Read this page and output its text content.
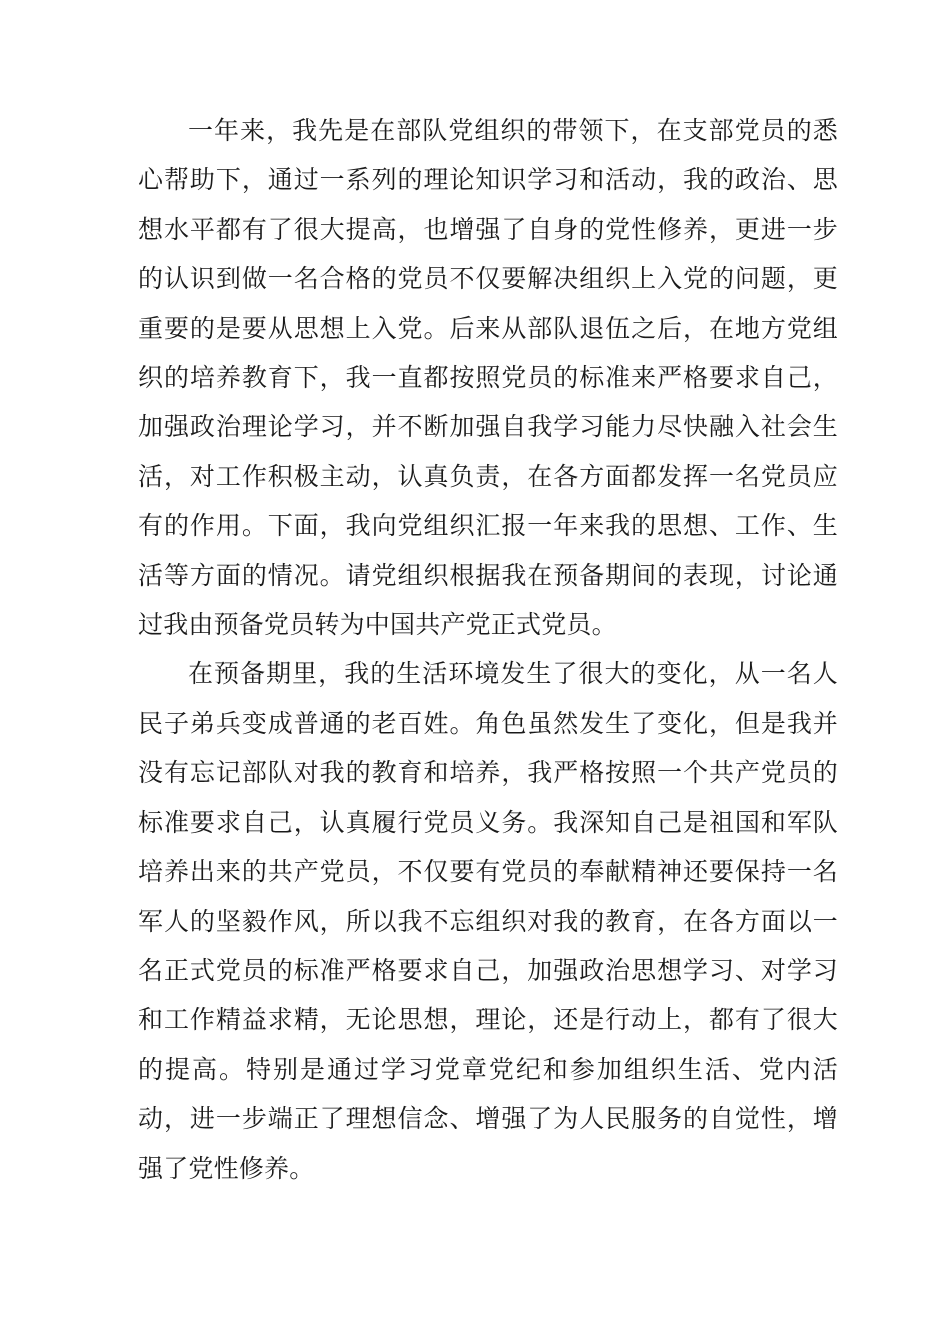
一年来，我先是在部队党组织的带领下，在支部党员的悉心帮助下，通过一系列的理论知识学习和活动，我的政治、思想水平都有了很大提高，也增强了自身的党性修养，更进一步的认识到做一名合格的党员不仅要解决组织上入党的问题，更重要的是要从思想上入党。后来从部队退伍之后，在地方党组织的培养教育下，我一直都按照党员的标准来严格要求自己，加强政治理论学习，并不断加强自我学习能力尽快融入社会生活，对工作积极主动，认真负责，在各方面都发挥一名党员应有的作用。下面，我向党组织汇报一年来我的思想、工作、生活等方面的情况。请党组织根据我在预备期间的表现，讨论通过我由预备党员转为中国共产党正式党员。

在预备期里，我的生活环境发生了很大的变化，从一名人民子弟兵变成普通的老百姓。角色虽然发生了变化，但是我并没有忘记部队对我的教育和培养，我严格按照一个共产党员的标准要求自己，认真履行党员义务。我深知自己是祖国和军队培养出来的共产党员，不仅要有党员的奉献精神还要保持一名军人的坚毅作风，所以我不忘组织对我的教育，在各方面以一名正式党员的标准严格要求自己，加强政治思想学习、对学习和工作精益求精，无论思想，理论，还是行动上，都有了很大的提高。特别是通过学习党章党纪和参加组织生活、党内活动，进一步端正了理想信念、增强了为人民服务的自觉性，增强了党性修养。
